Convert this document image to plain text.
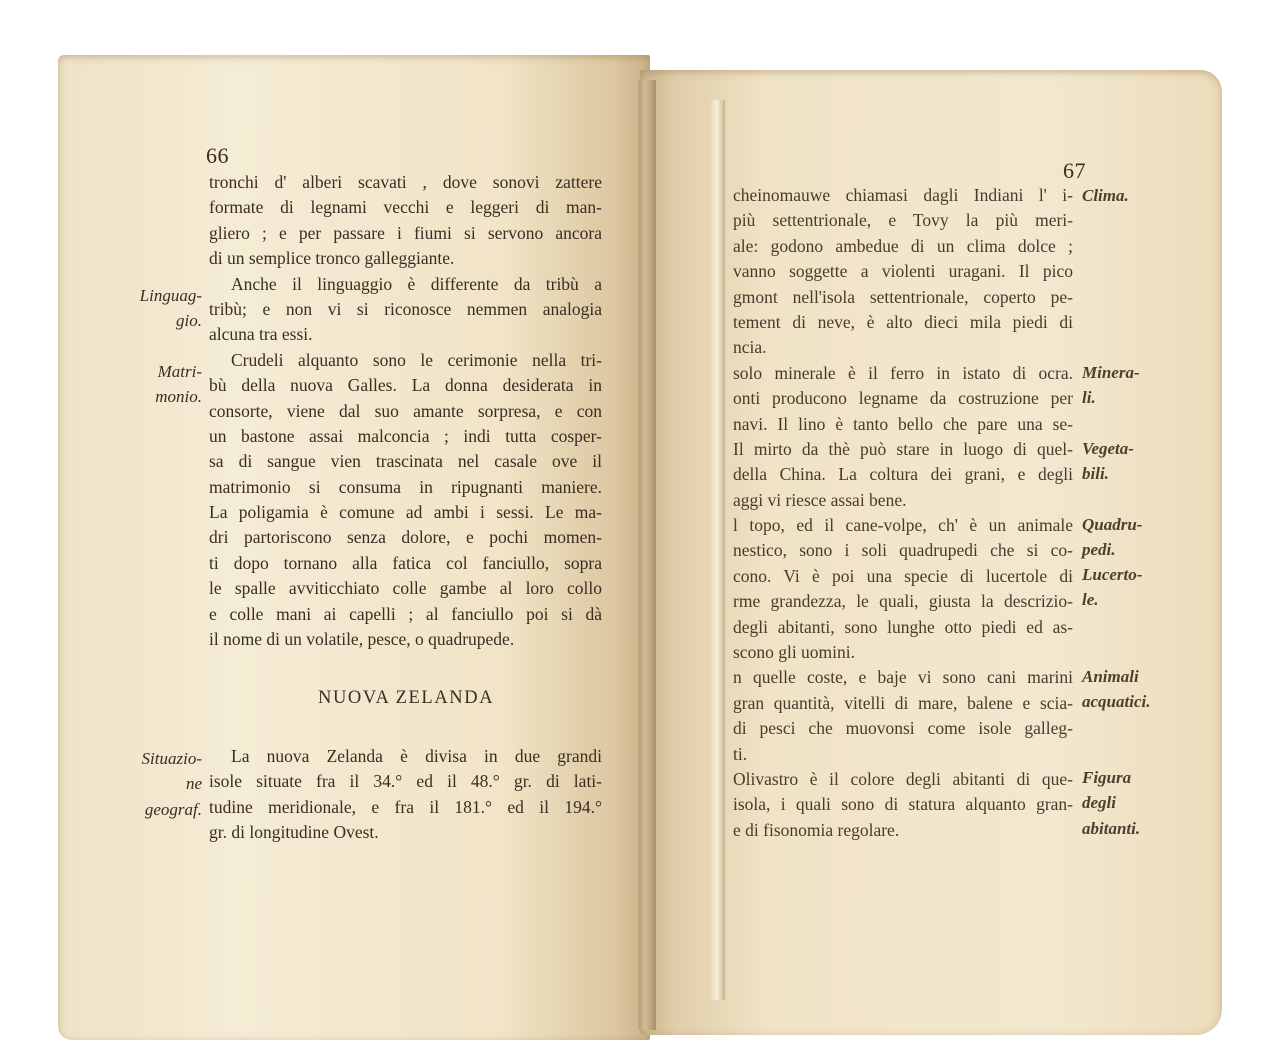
66
tronchi d' alberi scavati , dove sonovi zattere
formate di legnami vecchi e leggeri di man-
gliero ; e per passare i fiumi si servono ancora
di un semplice tronco galleggiante.
Anche il linguaggio è differente da tribù a
tribù; e non vi si riconosce nemmen analogia
alcuna tra essi.
Crudeli alquanto sono le cerimonie nella tri-
bù della nuova Galles. La donna desiderata in
consorte, viene dal suo amante sorpresa, e con
un bastone assai malconcia ; indi tutta cosper-
sa di sangue vien trascinata nel casale ove il
matrimonio si consuma in ripugnanti maniere.
La poligamia è comune ad ambi i sessi. Le ma-
dri partoriscono senza dolore, e pochi momen-
ti dopo tornano alla fatica col fanciullo, sopra
le spalle avviticchiato colle gambe al loro collo
e colle mani ai capelli ; al fanciullo poi si dà
il nome di un volatile, pesce, o quadrupede.
NUOVA ZELANDA
La nuova Zelanda è divisa in due grandi
isole situate fra il 34.° ed il 48.° gr. di lati-
tudine meridionale, e fra il 181.° ed il 194.°
gr. di longitudine Ovest.
Linguag-
gio.
Matri-
monio.
Situazio-
ne
geograf.
67
cheinomauwe chiamasi dagli Indiani l' i-
più settentrionale, e Tovy la più meri-
ale: godono ambedue di un clima dolce ;
vanno soggette a violenti uragani. Il pico
gmont nell'isola settentrionale, coperto pe-
tement di neve, è alto dieci mila piedi di
ncia.
solo minerale è il ferro in istato di ocra.
onti producono legname da costruzione per
navi. Il lino è tanto bello che pare una se-
Il mirto da thè può stare in luogo di quel-
della China. La coltura dei grani, e degli
aggi vi riesce assai bene.
l topo, ed il cane-volpe, ch' è un animale
nestico, sono i soli quadrupedi che si co-
cono. Vi è poi una specie di lucertole di
rme grandezza, le quali, giusta la descrizio-
degli abitanti, sono lunghe otto piedi ed as-
scono gli uomini.
n quelle coste, e baje vi sono cani marini
gran quantità, vitelli di mare, balene e scia-
di pesci che muovonsi come isole galleg-
ti.
Olivastro è il colore degli abitanti di que-
isola, i quali sono di statura alquanto gran-
e di fisonomia regolare.
Clima.
Minera-
li.
Vegeta-
bili.
Quadru-
pedi.
Lucerto-
le.
Animali
acquatici.
Figura
degli
abitanti.
